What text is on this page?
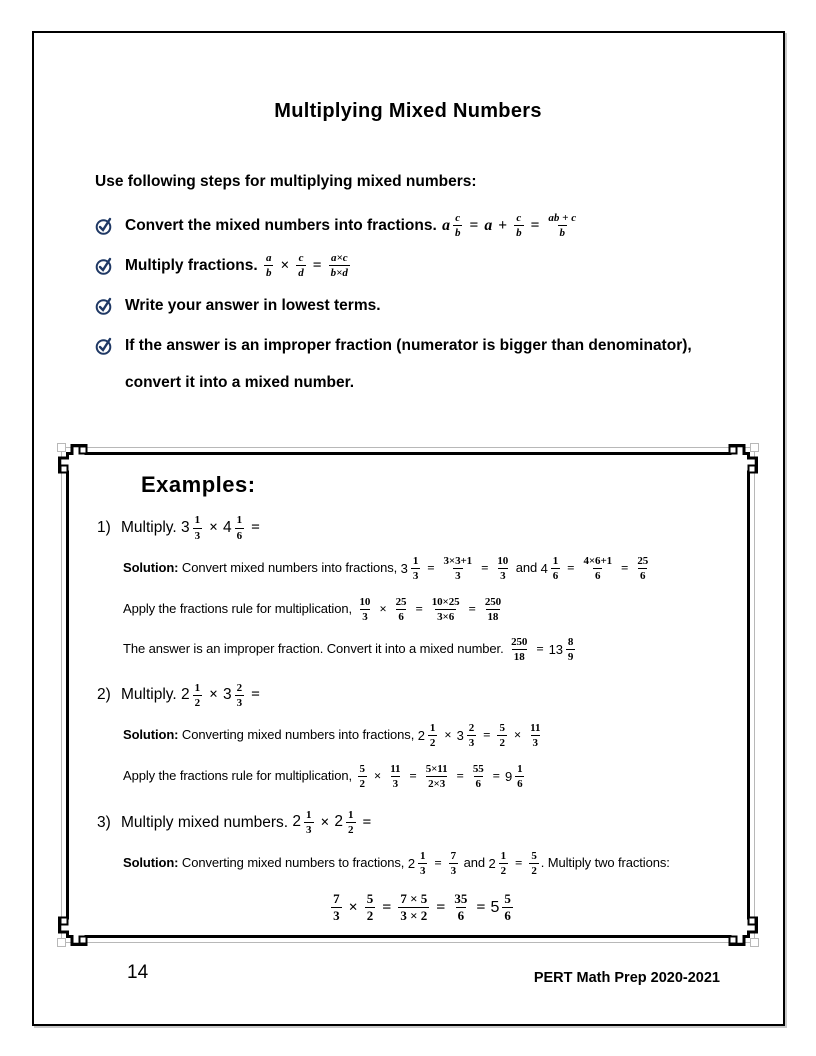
Multiplying Mixed Numbers
Use following steps for multiplying mixed numbers:
Convert the mixed numbers into fractions. a $\frac{c}{b} = a + \frac{c}{b} = \frac{ab + c}{b}$
Multiply fractions. $\frac{a}{b} \times \frac{c}{d} = \frac{a\times c}{b\times d}$
Write your answer in lowest terms.
If the answer is an improper fraction (numerator is bigger than denominator), convert it into a mixed number.
Examples:
1) Multiply. $3 \frac{1}{3} \times 4 \frac{1}{6}$ =
Solution: Convert mixed numbers into fractions, $3 \frac{1}{3} = \frac{3\times 3+1}{3} = \frac{10}{3}$ and $4 \frac{1}{6} = \frac{4\times 6+1}{6} = \frac{25}{6}$
Apply the fractions rule for multiplication, $\frac{10}{3} \times \frac{25}{6} = \frac{10\times 25}{3\times 6} = \frac{250}{18}$
The answer is an improper fraction. Convert it into a mixed number. $\frac{250}{18} = 13 \frac{8}{9}$
2) Multiply. $2 \frac{1}{2} \times 3 \frac{2}{3}$ =
Solution: Converting mixed numbers into fractions, $2 \frac{1}{2} \times 3 \frac{2}{3} = \frac{5}{2} \times \frac{11}{3}$
Apply the fractions rule for multiplication, $\frac{5}{2} \times \frac{11}{3} = \frac{5\times 11}{2\times 3} = \frac{55}{6} = 9 \frac{1}{6}$
3) Multiply mixed numbers. $2 \frac{1}{3} \times 2 \frac{1}{2}$ =
Solution: Converting mixed numbers to fractions, $2 \frac{1}{3} = \frac{7}{3}$ and $2 \frac{1}{2} = \frac{5}{2}$ . Multiply two fractions:
$\frac{7}{3} \times \frac{5}{2} = \frac{7 \times 5}{3 \times 2} = \frac{35}{6} = 5 \frac{5}{6}$
14	PERT Math Prep 2020-2021
